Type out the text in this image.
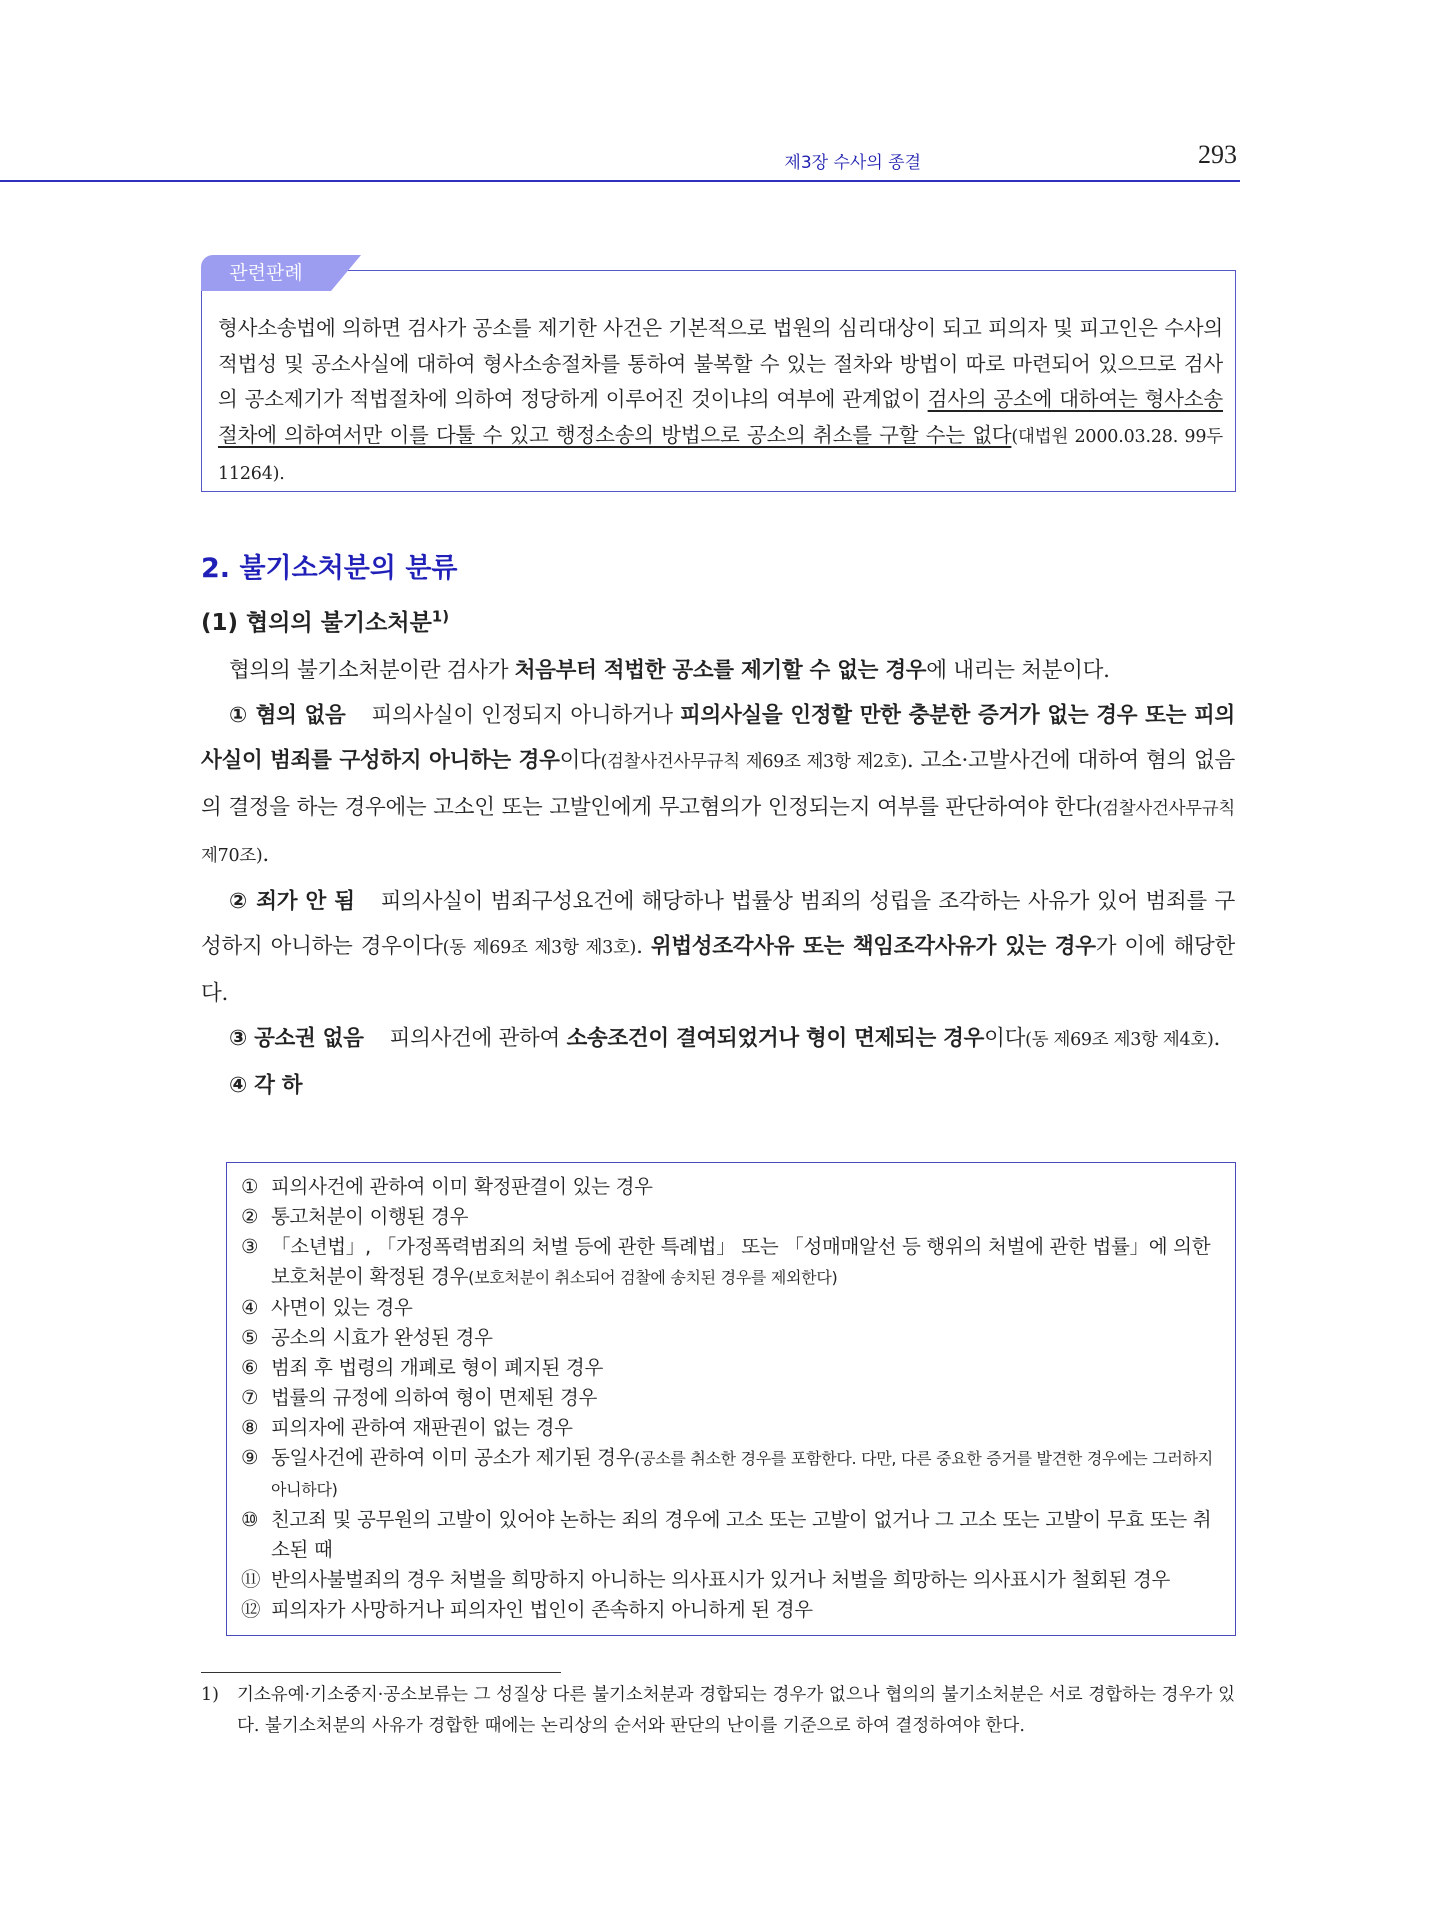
제3장 수사의 종결	293
관련판례
형사소송법에 의하면 검사가 공소를 제기한 사건은 기본적으로 법원의 심리대상이 되고 피의자 및 피고인은 수사의 적법성 및 공소사실에 대하여 형사소송절차를 통하여 불복할 수 있는 절차와 방법이 따로 마련되어 있으므로 검사의 공소제기가 적법절차에 의하여 정당하게 이루어진 것이냐의 여부에 관계없이 검사의 공소에 대하여는 형사소송절차에 의하여서만 이를 다툴 수 있고 행정소송의 방법으로 공소의 취소를 구할 수는 없다(대법원 2000.03.28. 99두11264).
2. 불기소처분의 분류
(1) 협의의 불기소처분$^{1)}$

협의의 불기소처분이란 검사가 처음부터 적법한 공소를 제기할 수 없는 경우에 내리는 처분이다.

① 혐의 없음 피의사실이 인정되지 아니하거나 피의사실을 인정할 만한 충분한 증거가 없는 경우 또는 피의사실이 범죄를 구성하지 아니하는 경우이다(검찰사건사무규칙 제69조 제3항 제2호). 고소·고발사건에 대하여 혐의 없음의 결정을 하는 경우에는 고소인 또는 고발인에게 무고혐의가 인정되는지 여부를 판단하여야 한다(검찰사건사무규칙 제70조).

② 죄가 안 됨 피의사실이 범죄구성요건에 해당하나 법률상 범죄의 성립을 조각하는 사유가 있어 범죄를 구성하지 아니하는 경우이다(동 제69조 제3항 제3호). 위법성조각사유 또는 책임조각사유가 있는 경우가 이에 해당한다.

③ 공소권 없음 피의사건에 관하여 소송조건이 결여되었거나 형이 면제되는 경우이다(동 제69조 제3항 제4호).

④ 각 하

① 피의사건에 관하여 이미 확정판결이 있는 경우
② 통고처분이 이행된 경우
③ 「소년법」, 「가정폭력범죄의 처벌 등에 관한 특례법」 또는 「성매매알선 등 행위의 처벌에 관한 법률」에 의한 보호처분이 확정된 경우(보호처분이 취소되어 검찰에 송치된 경우를 제외한다)
④ 사면이 있는 경우
⑤ 공소의 시효가 완성된 경우
⑥ 범죄 후 법령의 개폐로 형이 폐지된 경우
⑦ 법률의 규정에 의하여 형이 면제된 경우
⑧ 피의자에 관하여 재판권이 없는 경우
⑨ 동일사건에 관하여 이미 공소가 제기된 경우(공소를 취소한 경우를 포함한다. 다만, 다른 중요한 증거를 발견한 경우에는 그러하지 아니하다)
⑩ 친고죄 및 공무원의 고발이 있어야 논하는 죄의 경우에 고소 또는 고발이 없거나 그 고소 또는 고발이 무효 또는 취소된 때
⑪ 반의사불벌죄의 경우 처벌을 희망하지 아니하는 의사표시가 있거나 처벌을 희망하는 의사표시가 철회된 경우
⑫ 피의자가 사망하거나 피의자인 법인이 존속하지 아니하게 된 경우
1)	기소유예·기소중지·공소보류는 그 성질상 다른 불기소처분과 경합되는 경우가 없으나 협의의 불기소처분은 서로 경합하는 경우가 있다. 불기소처분의 사유가 경합한 때에는 논리상의 순서와 판단의 난이를 기준으로 하여 결정하여야 한다.
